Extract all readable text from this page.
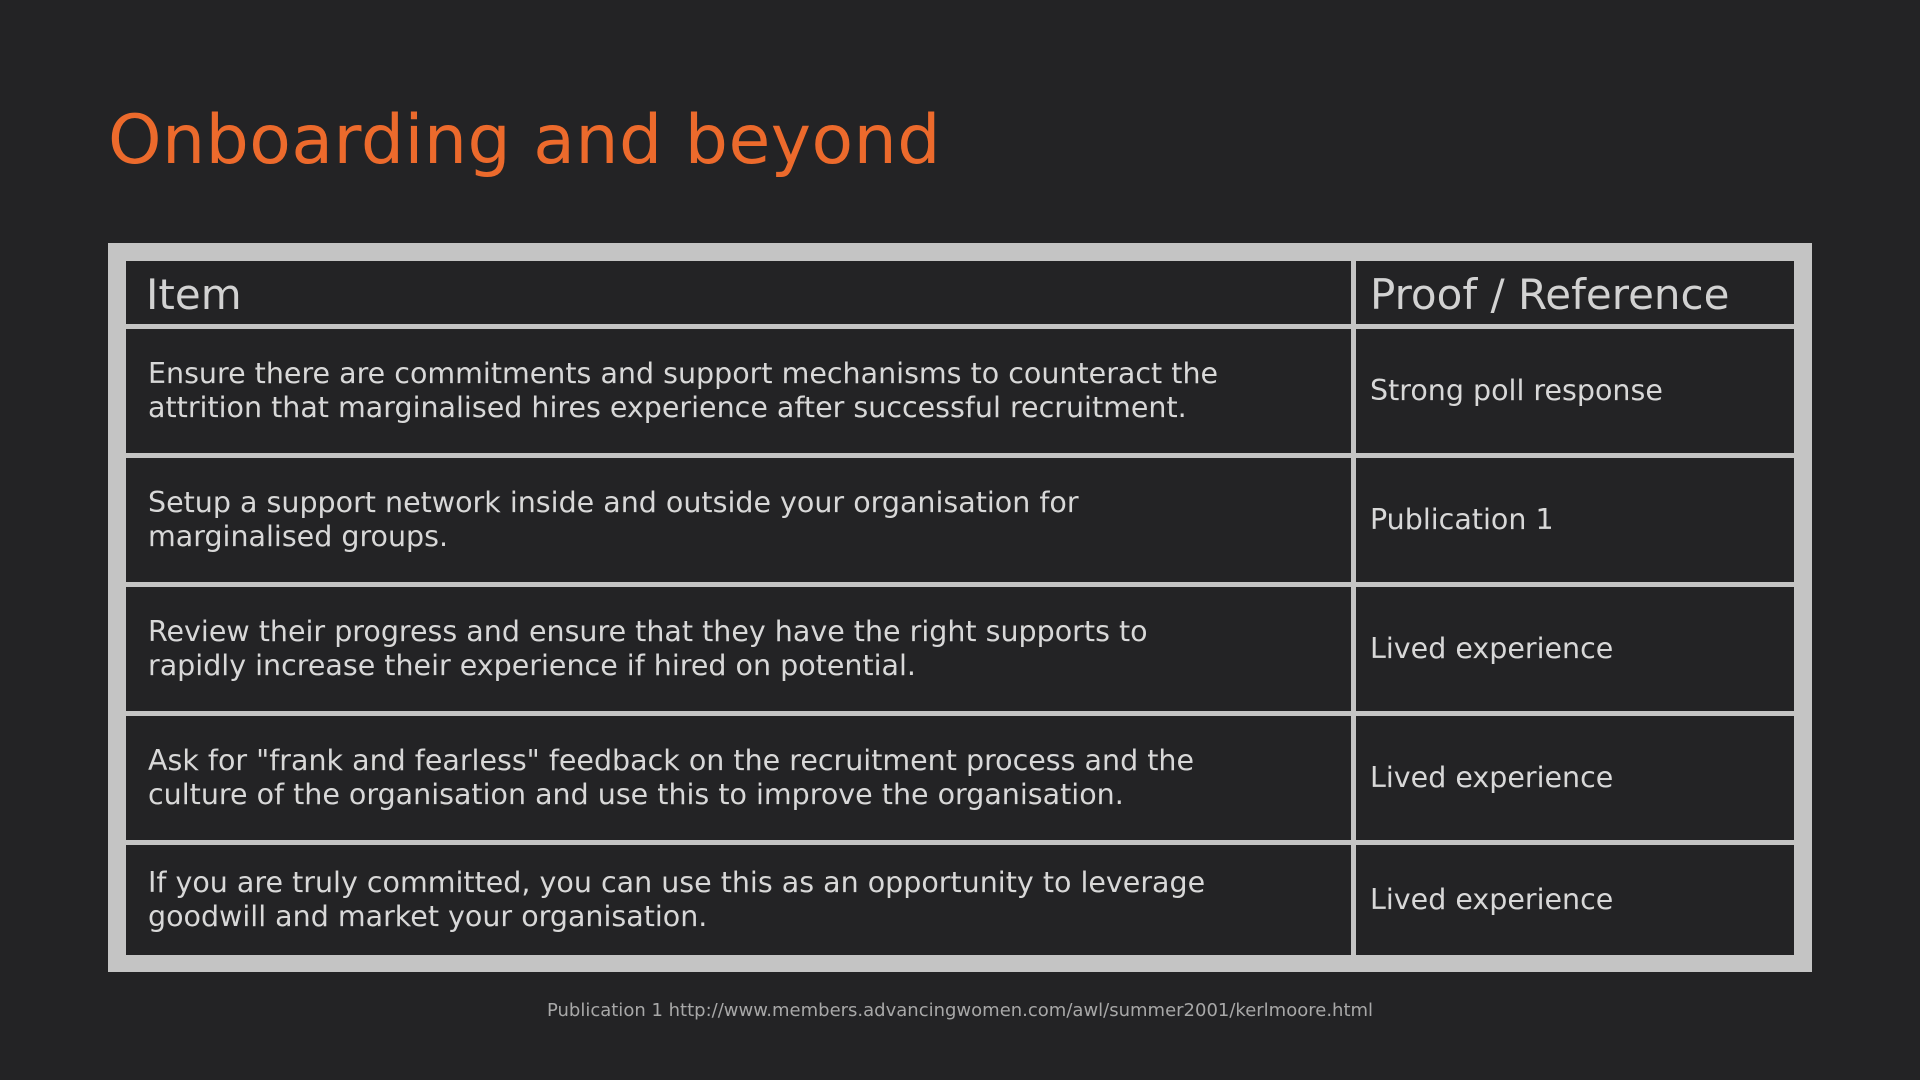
Onboarding and beyond
Item	Proof / Reference
Ensure there are commitments and support mechanisms to counteract the attrition that marginalised hires experience after successful recruitment.
Strong poll response
Setup a support network inside and outside your organisation for marginalised groups.
Publication 1
Review their progress and ensure that they have the right supports to rapidly increase their experience if hired on potential.
Lived experience
Ask for "frank and fearless" feedback on the recruitment process and the culture of the organisation and use this to improve the organisation.
Lived experience
If you are truly committed, you can use this as an opportunity to leverage goodwill and market your organisation.
Lived experience
Publication 1 http://www.members.advancingwomen.com/awl/summer2001/kerlmoore.html
